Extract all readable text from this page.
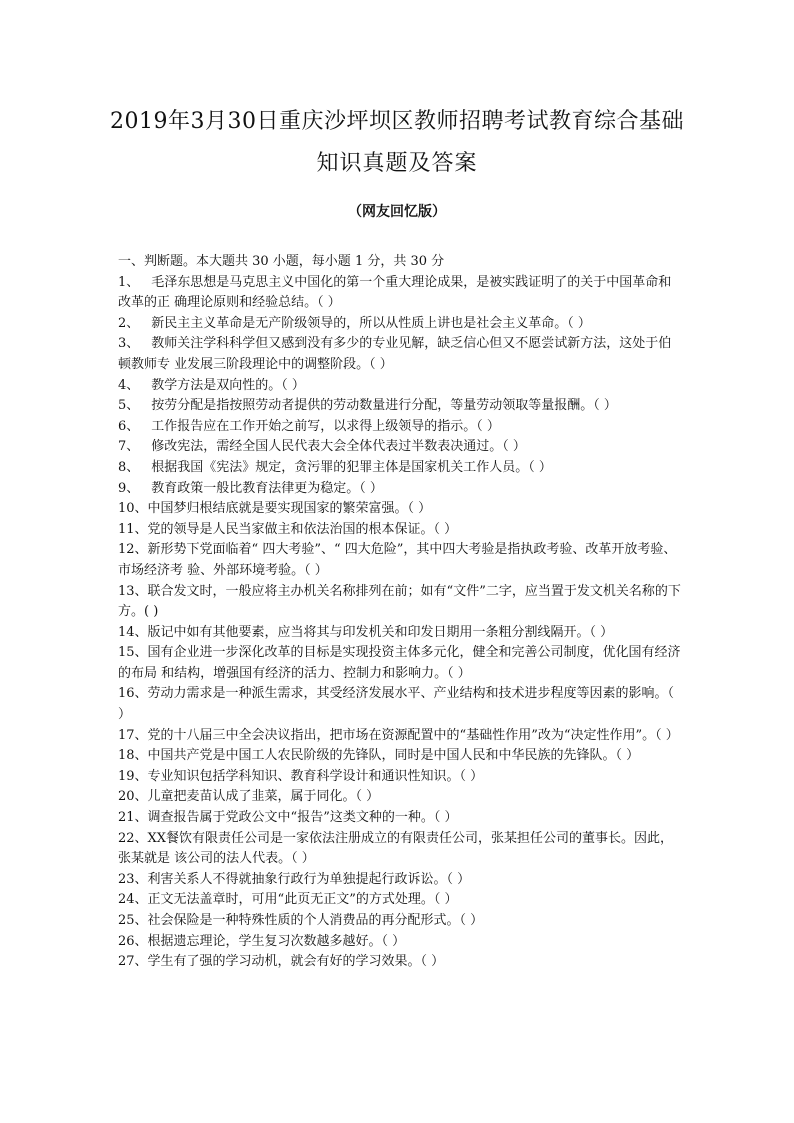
2019年3月30日重庆沙坪坝区教师招聘考试教育综合基础
知识真题及答案
（网友回忆版）

一、判断题。本大题共 30 小题，每小题 1 分，共 30 分

1、 毛泽东思想是马克思主义中国化的第一个重大理论成果，是被实践证明了的关于中国革命和改革的正 确理论原则和经验总结。（ ）

2、 新民主主义革命是无产阶级领导的，所以从性质上讲也是社会主义革命。（ ）

3、 教师关注学科科学但又感到没有多少的专业见解，缺乏信心但又不愿尝试新方法，这处于伯顿教师专 业发展三阶段理论中的调整阶段。（ ）

4、 教学方法是双向性的。（ ）

5、 按劳分配是指按照劳动者提供的劳动数量进行分配，等量劳动领取等量报酬。（ ）

6、 工作报告应在工作开始之前写，以求得上级领导的指示。（ ）

7、 修改宪法，需经全国人民代表大会全体代表过半数表决通过。（ ）

8、 根据我国《宪法》规定，贪污罪的犯罪主体是国家机关工作人员。（ ）

9、 教育政策一般比教育法律更为稳定。（ ）

10、中国梦归根结底就是要实现国家的繁荣富强。（ ）

11、党的领导是人民当家做主和依法治国的根本保证。（ ）

12、新形势下党面临着“ 四大考验”、“ 四大危险”，其中四大考验是指执政考验、改革开放考验、市场经济考 验、外部环境考验。（ ）

13、联合发文时，一般应将主办机关名称排列在前；如有“文件”二字，应当置于发文机关名称的下方。( )

14、版记中如有其他要素，应当将其与印发机关和印发日期用一条粗分割线隔开。（ ）

15、国有企业进一步深化改革的目标是实现投资主体多元化，健全和完善公司制度，优化国有经济的布局 和结构，增强国有经济的活力、控制力和影响力。（ ）

16、劳动力需求是一种派生需求，其受经济发展水平、产业结构和技术进步程度等因素的影响。（ ）

17、党的十八届三中全会决议指出，把市场在资源配置中的“基础性作用”改为“决定性作用”。（ ）

18、中国共产党是中国工人农民阶级的先锋队，同时是中国人民和中华民族的先锋队。（ ）

19、专业知识包括学科知识、教育科学设计和通识性知识。（ ）

20、儿童把麦苗认成了韭菜，属于同化。（ ）

21、调查报告属于党政公文中“报告”这类文种的一种。（ ）

22、XX餐饮有限责任公司是一家依法注册成立的有限责任公司，张某担任公司的董事长。因此，张某就是 该公司的法人代表。（ ）

23、利害关系人不得就抽象行政行为单独提起行政诉讼。（ ）

24、正文无法盖章时，可用“此页无正文”的方式处理。（ ）

25、社会保险是一种特殊性质的个人消费品的再分配形式。（ ）

26、根据遗忘理论，学生复习次数越多越好。（ ）

27、学生有了强的学习动机，就会有好的学习效果。（ ）
